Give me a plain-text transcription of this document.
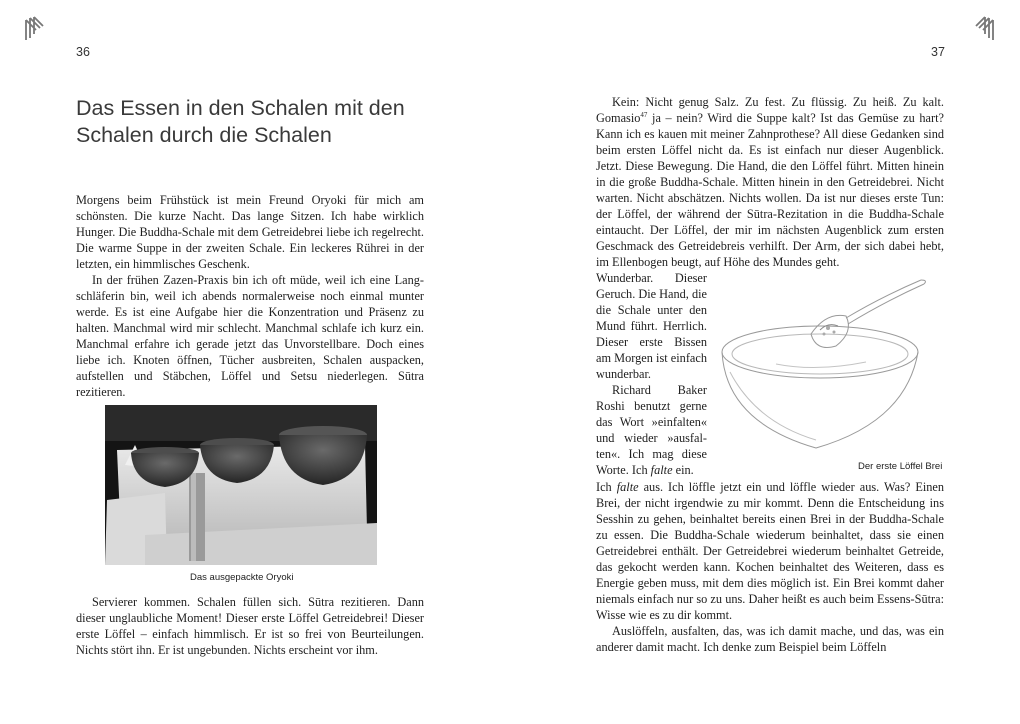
36
Das Essen in den Schalen mit den Schalen durch die Schalen

Morgens beim Frühstück ist mein Freund Oryoki für mich am schönsten. Die kurze Nacht. Das lange Sitzen. Ich habe wirklich Hunger. Die Buddha-Schale mit dem Getreidebrei liebe ich regelrecht. Die warme Suppe in der zweiten Schale. Ein leckeres Rührei in der letzten, ein himmlisches Geschenk.

In der frühen Zazen-Praxis bin ich oft müde, weil ich eine Langschläferin bin, weil ich abends normalerweise noch einmal munter werde. Es ist eine Aufgabe hier die Konzentration und Präsenz zu halten. Manchmal wird mir schlecht. Manchmal schlafe ich kurz ein. Manchmal erfahre ich gerade jetzt das Unvorstellbare. Doch eines liebe ich. Knoten öffnen, Tücher ausbreiten, Schalen auspacken, aufstellen und Stäbchen, Löffel und Setsu niederlegen. Sūtra rezitieren.

Das ausgepackte Oryoki

Servierer kommen. Schalen füllen sich. Sūtra rezitieren. Dann dieser unglaubliche Moment! Dieser erste Löffel Getreidebrei! Dieser erste Löffel – einfach himmlisch. Er ist so frei von Beurteilungen. Nichts stört ihn. Er ist ungebunden. Nichts erscheint vor ihm.

37

Kein: Nicht genug Salz. Zu fest. Zu flüssig. Zu heiß. Zu kalt. Gomasio$^{47}$ ja – nein? Wird die Suppe kalt? Ist das Gemüse zu hart? Kann ich es kauen mit meiner Zahnprothese? All diese Gedanken sind beim ersten Löffel nicht da. Es ist einfach nur dieser Augenblick. Jetzt. Diese Bewegung. Die Hand, die den Löffel führt. Mitten hinein in die große Buddha-Schale. Mitten hinein in den Getreidebrei. Nicht warten. Nicht abschätzen. Nichts wollen. Da ist nur dieses erste Tun: der Löffel, der während der Sūtra-Rezitation in die Buddha-Schale eintaucht. Der Löffel, der mir im nächsten Augenblick zum ersten Geschmack des Getreidebreis verhilft. Der Arm, der sich dabei hebt, im Ellenbogen beugt, auf Höhe des Mundes geht.

Wunderbar. Dieser Geruch. Die Hand, die die Schale unter den Mund führt. Herrlich. Dieser erste Bissen am Morgen ist einfach wunderbar.

Richard Baker Roshi benutzt gerne das Wort »einfalten« und wieder »ausfalten«. Ich mag diese Worte. Ich falte ein.	Der erste Löffel Brei

Ich falte aus. Ich löffle jetzt ein und löffle wieder aus. Was? Einen Brei, der nicht irgendwie zu mir kommt. Denn die Entscheidung ins Sesshin zu gehen, beinhaltet bereits einen Brei in der Buddha-Schale zu essen. Die Buddha-Schale wiederum beinhaltet, dass sie einen Getreidebrei enthält. Der Getreidebrei wiederum beinhaltet Getreide, das gekocht werden kann. Kochen beinhaltet des Weiteren, dass es Energie geben muss, mit dem dies möglich ist. Ein Brei kommt daher niemals einfach nur so zu uns. Daher heißt es auch beim Essens-Sūtra: Wisse wie es zu dir kommt.

Auslöffeln, ausfalten, das, was ich damit mache, und das, was ein anderer damit macht. Ich denke zum Beispiel beim Löffeln
